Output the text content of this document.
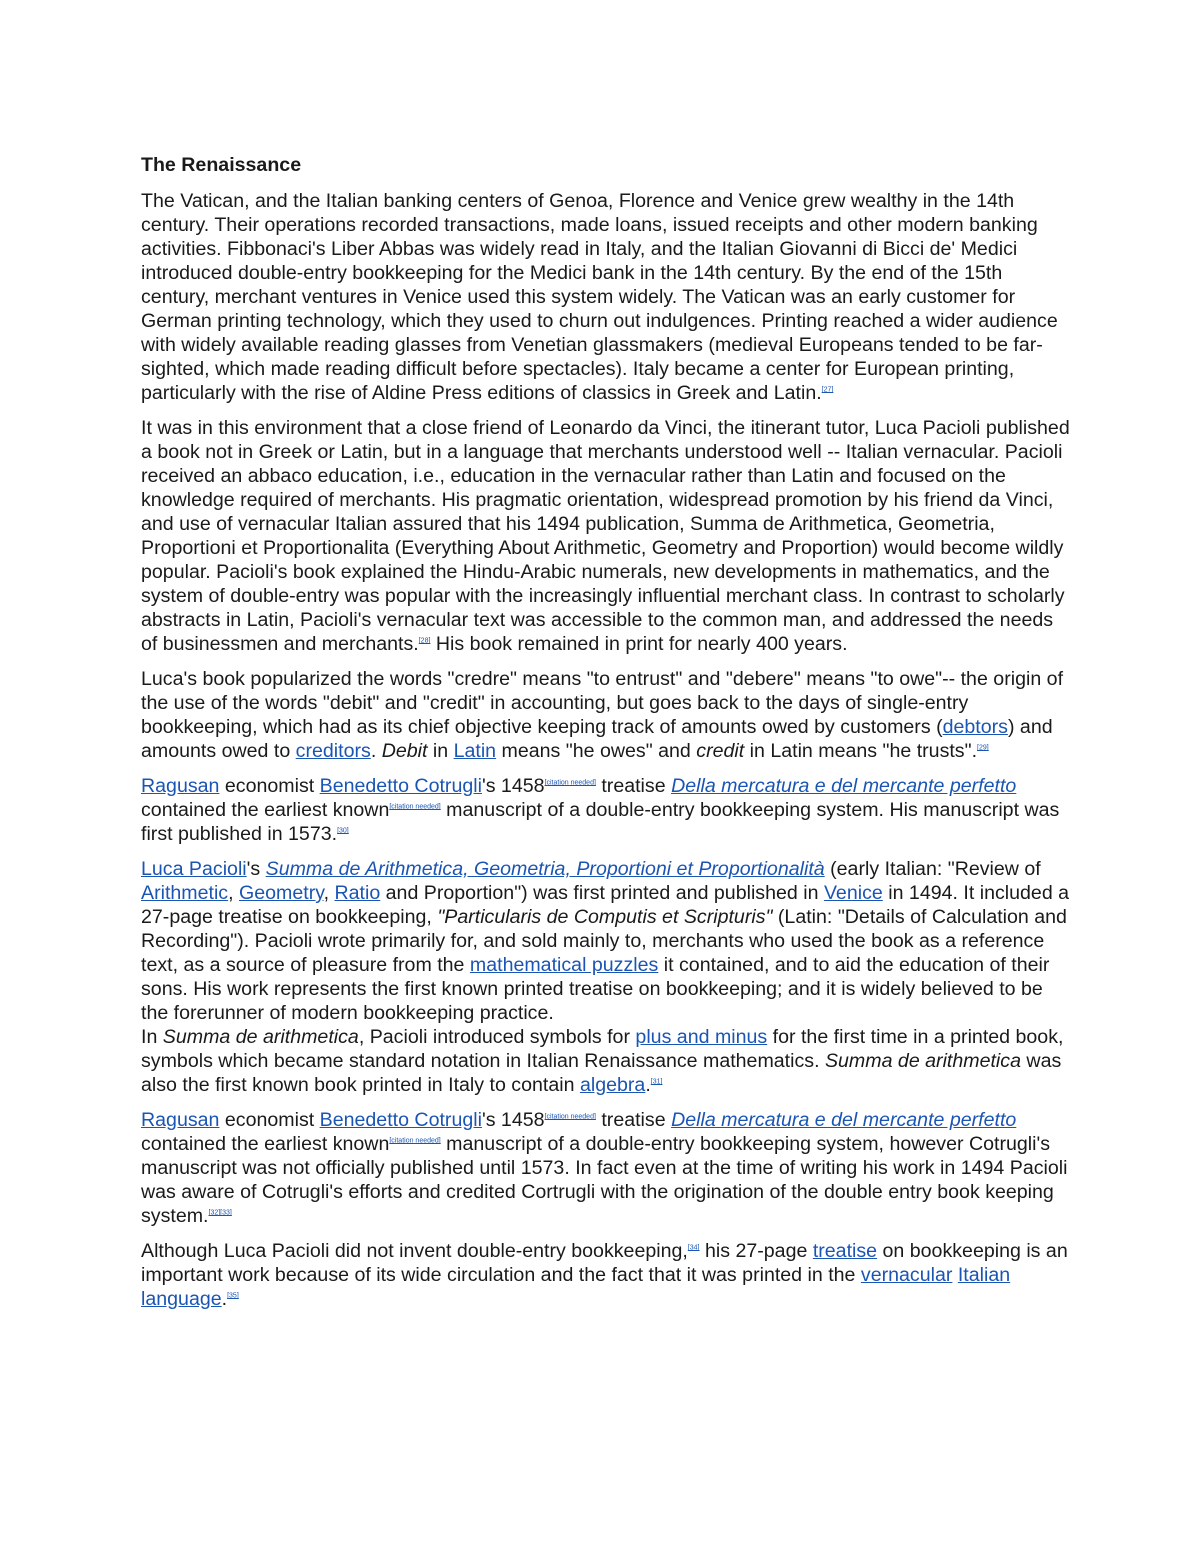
The Renaissance

The Vatican, and the Italian banking centers of Genoa, Florence and Venice grew wealthy in the 14th century. Their operations recorded transactions, made loans, issued receipts and other modern banking activities. Fibbonaci's Liber Abbas was widely read in Italy, and the Italian Giovanni di Bicci de' Medici introduced double-entry bookkeeping for the Medici bank in the 14th century. By the end of the 15th century, merchant ventures in Venice used this system widely. The Vatican was an early customer for German printing technology, which they used to churn out indulgences. Printing reached a wider audience with widely available reading glasses from Venetian glassmakers (medieval Europeans tended to be far-sighted, which made reading difficult before spectacles). Italy became a center for European printing, particularly with the rise of Aldine Press editions of classics in Greek and Latin.[27]

It was in this environment that a close friend of Leonardo da Vinci, the itinerant tutor, Luca Pacioli published a book not in Greek or Latin, but in a language that merchants understood well -- Italian vernacular. Pacioli received an abbaco education, i.e., education in the vernacular rather than Latin and focused on the knowledge required of merchants. His pragmatic orientation, widespread promotion by his friend da Vinci, and use of vernacular Italian assured that his 1494 publication, Summa de Arithmetica, Geometria, Proportioni et Proportionalita (Everything About Arithmetic, Geometry and Proportion) would become wildly popular. Pacioli's book explained the Hindu-Arabic numerals, new developments in mathematics, and the system of double-entry was popular with the increasingly influential merchant class. In contrast to scholarly abstracts in Latin, Pacioli's vernacular text was accessible to the common man, and addressed the needs of businessmen and merchants.[28] His book remained in print for nearly 400 years.

Luca's book popularized the words "credre" means "to entrust" and "debere" means "to owe"-- the origin of the use of the words "debit" and "credit" in accounting, but goes back to the days of single-entry bookkeeping, which had as its chief objective keeping track of amounts owed by customers (debtors) and amounts owed to creditors. Debit in Latin means "he owes" and credit in Latin means "he trusts".[29]

Ragusan economist Benedetto Cotrugli's 1458[citation needed] treatise Della mercatura e del mercante perfetto contained the earliest known[citation needed] manuscript of a double-entry bookkeeping system. His manuscript was first published in 1573.[30]

Luca Pacioli's Summa de Arithmetica, Geometria, Proportioni et Proportionalità (early Italian: "Review of Arithmetic, Geometry, Ratio and Proportion") was first printed and published in Venice in 1494. It included a 27-page treatise on bookkeeping, "Particularis de Computis et Scripturis" (Latin: "Details of Calculation and Recording"). Pacioli wrote primarily for, and sold mainly to, merchants who used the book as a reference text, as a source of pleasure from the mathematical puzzles it contained, and to aid the education of their sons. His work represents the first known printed treatise on bookkeeping; and it is widely believed to be the forerunner of modern bookkeeping practice.

In Summa de arithmetica, Pacioli introduced symbols for plus and minus for the first time in a printed book, symbols which became standard notation in Italian Renaissance mathematics. Summa de arithmetica was also the first known book printed in Italy to contain algebra.[31]

Ragusan economist Benedetto Cotrugli's 1458[citation needed] treatise Della mercatura e del mercante perfetto contained the earliest known[citation needed] manuscript of a double-entry bookkeeping system, however Cotrugli's manuscript was not officially published until 1573. In fact even at the time of writing his work in 1494 Pacioli was aware of Cotrugli's efforts and credited Cortrugli with the origination of the double entry book keeping system.[32][33]

Although Luca Pacioli did not invent double-entry bookkeeping,[34] his 27-page treatise on bookkeeping is an important work because of its wide circulation and the fact that it was printed in the vernacular Italian language.[35]
